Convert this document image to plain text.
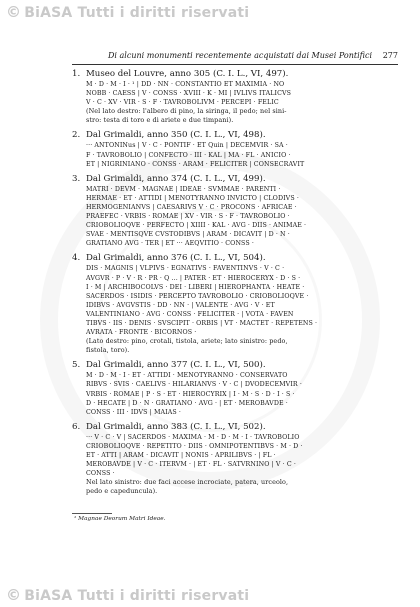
© BiASA Tutti i diritti riservati
Di alcuni monumenti recentemente acquistati dai Musei Pontifici 277
1. Museo del Louvre, anno 305 (C. I. L., VI, 497).
M · D · M · I · ¹ | DD · NN · CONSTANTIO ET MAXIMIA · NO
NOBB · CAESS | V · CONSS · XVIII · K · MI | IVLIVS ITALICVS
V · C · XV · VIR · S · F · TAVROBOLIVM · PERCEPI · FELIC
(Nel lato destro: l'albero di pino, la siringa, il pedo; nel sini-
stro: testa di toro e di ariete e due timpani).
2. Dal Grimaldi, anno 350 (C. I. L., VI, 498).
··· ANTONINus | V · C · PONTIF · ET Quin | DECEMVIR · SA ·
F · TAVROBOLIO | CONFECTO · III · KAL | MA · FL · ANICIO ·
ET | NIGRINIANO · CONSS · ARAM · FELICITER | CONSECRAVIT
3. Dal Grimaldi, anno 374 (C. I. L., VI, 499).
MATRI · DEVM · MAGNAE | IDEAE · SVMMAE · PARENTI ·
HERMAE · ET · ATTIDI | MENOTYRANNO INVICTO | CLODIVS ·
HERMOGENIANVS | CAESARIVS V · C · PROCONS · AFRICAE ·
PRAEFEC · VRBIS · ROMAE | XV · VIR · S · F · TAVROBOLIO ·
CRIOBOLIOQVE · PERFECTO | XIIII · KAL · AVG · DIIS · ANIMAE ·
SVAE · MENTISQVE CVSTODIBVS | ARAM · DICAVIT | D · N ·
GRATIANO AVG · TER | ET ··· AEQVITIO · CONSS ·
4. Dal Grimaldi, anno 376 (C. I. L., VI, 504).
DIS · MAGNIS | VLPIVS · EGNATIVS · FAVENTINVS · V · C ·
AVGVR · P · V · R · PR · Q ... | PATER · ET · HIEROCERYX · D · S ·
I · M | ARCHIBOCOLVS · DEI · LIBERI | HIEROPHANTA · HEATE ·
SACERDOS · ISIDIS · PERCEPTO TAVROBOLIO · CRIOBOLIOQVE ·
IDIBVS · AVGVSTIS · DD · NN · | VALENTE · AVG · V · ET
VALENTINIANO · AVG · CONSS · FELICITER · | VOTA · FAVEN
TIBVS · IIS · DENIS · SVSCIPIT · ORBIS | VT · MACTET · REPETENS ·
AVRATA · FRONTE · BICORNOS ·
(Lato destro: pino, crotali, tistola, ariete; lato sinistro: pedo,
fistola, toro).
5. Dal Grimaldi, anno 377 (C. I. L., VI, 500).
M · D · M · I · ET · ATTIDI · MENOTYRANNO · CONSERVATO
RIBVS · SVIS · CAELIVS · HILARIANVS · V · C | DVODECEMVIR ·
VRBIS · ROMAE | P · S · ET · HIEROCYRIX | I · M · S · D · I · S ·
D · HECATE | D · N · GRATIANO · AVG · | ET · MEROBAVDE ·
CONSS · III · IDVS | MAIAS ·
6. Dal Grimaldi, anno 383 (C. I. L., VI, 502).
··· V · C · V | SACERDOS · MAXIMA · M · D · M · I · TAVROBOLIO
CRIOBOLIOQVE · REPETITO · DIIS · OMNIPOTENTIBVS · M · D ·
ET · ATTI | ARAM · DICAVIT | NONIS · APRILIBVS · | FL ·
MEROBAVDE | V · C · ITERVM · | ET · FL · SATVRNINO | V · C ·
CONSS ·
Nel lato sinistro: due faci accese incrociate, patera, urceolo,
pedo e capeduncula).
¹ Magnae Deorum Matri Ideae.
© BiASA Tutti i diritti riservati
